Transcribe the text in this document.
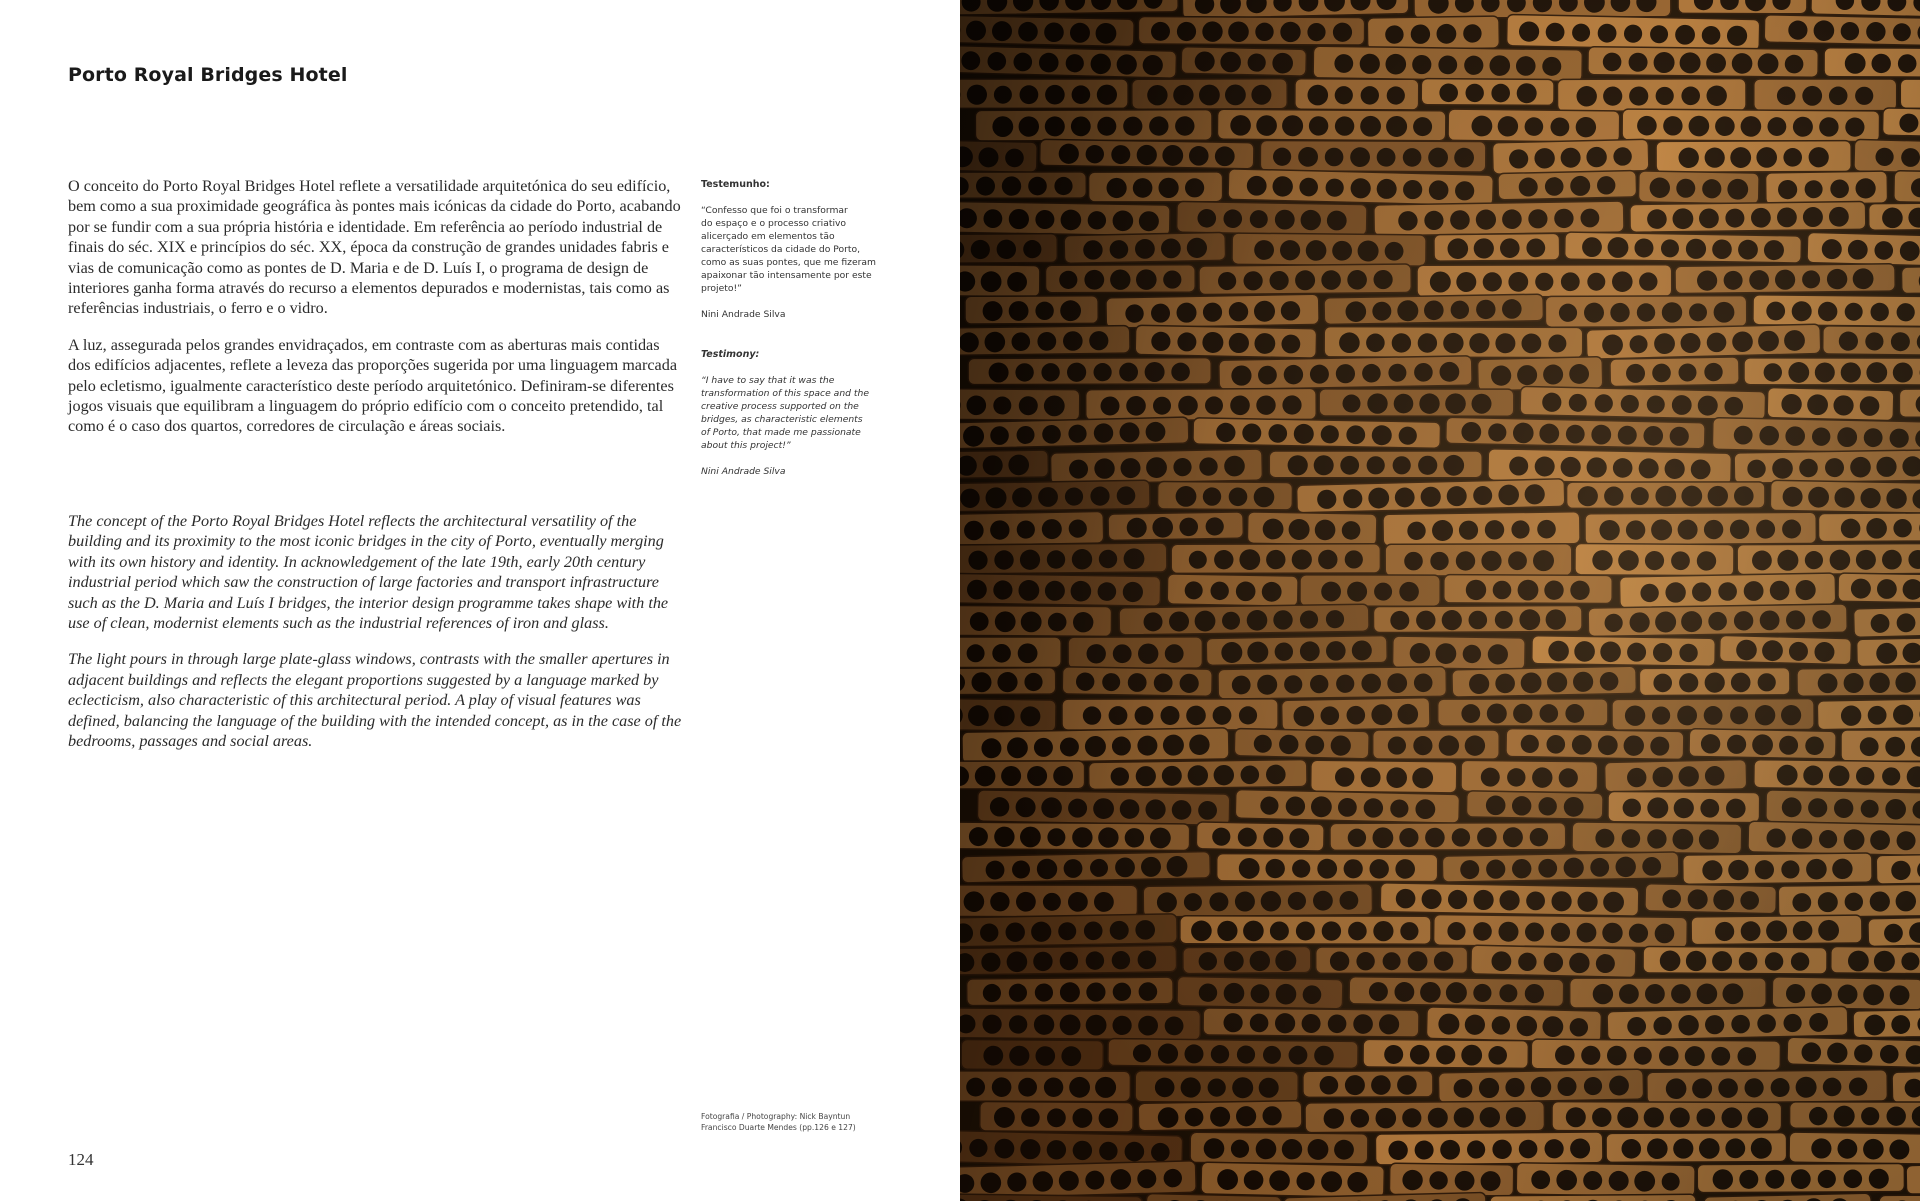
Porto Royal Bridges Hotel

O conceito do Porto Royal Bridges Hotel reflete a versatilidade arquitetónica do seu edifício, bem como a sua proximidade geográfica às pontes mais icónicas da cidade do Porto, acabando por se fundir com a sua própria história e identidade. Em referência ao período industrial de finais do séc. XIX e princípios do séc. XX, época da construção de grandes unidades fabris e vias de comunicação como as pontes de D. Maria e de D. Luís I, o programa de design de interiores ganha forma através do recurso a elementos depurados e modernistas, tais como as referências industriais, o ferro e o vidro.

A luz, assegurada pelos grandes envidraçados, em contraste com as aberturas mais contidas dos edifícios adjacentes, reflete a leveza das proporções sugerida por uma linguagem marcada pelo ecletismo, igualmente característico deste período arquitetónico. Definiram-se diferentes jogos visuais que equilibram a linguagem do próprio edifício com o conceito pretendido, tal como é o caso dos quartos, corredores de circulação e áreas sociais.

The concept of the Porto Royal Bridges Hotel reflects the architectural versatility of the building and its proximity to the most iconic bridges in the city of Porto, eventually merging with its own history and identity. In acknowledgement of the late 19th, early 20th century industrial period which saw the construction of large factories and transport infrastructure such as the D. Maria and Luís I bridges, the interior design programme takes shape with the use of clean, modernist elements such as the industrial references of iron and glass.

The light pours in through large plate-glass windows, contrasts with the smaller apertures in adjacent buildings and reflects the elegant proportions suggested by a language marked by eclecticism, also characteristic of this architectural period. A play of visual features was defined, balancing the language of the building with the intended concept, as in the case of the bedrooms, passages and social areas.

Testemunho:

“Confesso que foi o transformar
do espaço e o processo criativo
alicerçado em elementos tão
característicos da cidade do Porto,
como as suas pontes, que me fizeram
apaixonar tão intensamente por este
projeto!”

Nini Andrade Silva

Testimony:

“I have to say that it was the
transformation of this space and the
creative process supported on the
bridges, as characteristic elements
of Porto, that made me passionate
about this project!”

Nini Andrade Silva

Fotografia / Photography: Nick Bayntun
Francisco Duarte Mendes (pp.126 e 127)
124
